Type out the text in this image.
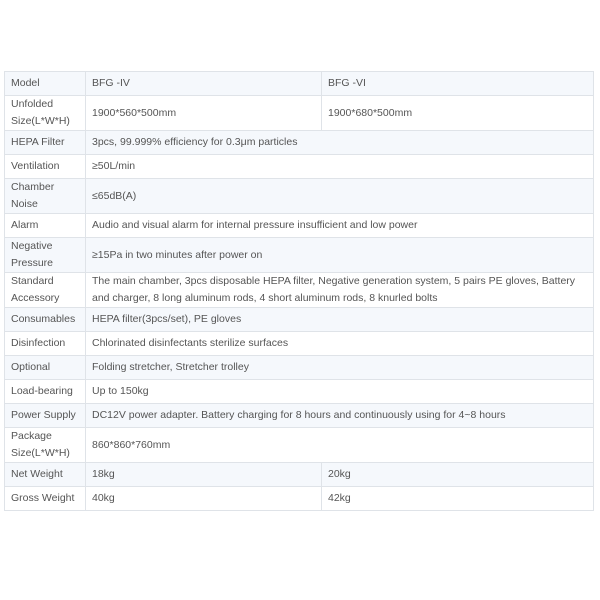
Model	BFG -IV	BFG -VI
Unfolded Size(L*W*H)	1900*560*500mm	1900*680*500mm
HEPA Filter	3pcs, 99.999% efficiency for 0.3μm particles	
Ventilation	≥50L/min	
Chamber Noise	≤65dB(A)	
Alarm	Audio and visual alarm for internal pressure insufficient and low power	
Negative Pressure	≥15Pa in two minutes after power on	
Standard Accessory	The main chamber, 3pcs disposable HEPA filter, Negative generation system, 5 pairs PE gloves, Battery and charger, 8 long aluminum rods, 4 short aluminum rods, 8 knurled bolts	
Consumables	HEPA filter(3pcs/set), PE gloves	
Disinfection	Chlorinated disinfectants sterilize surfaces	
Optional	Folding stretcher, Stretcher trolley	
Load-bearing	Up to 150kg	
Power Supply	DC12V power adapter. Battery charging for 8 hours and continuously using for 4~8 hours	
Package Size(L*W*H)	860*860*760mm	
Net Weight	18kg	20kg
Gross Weight	40kg	42kg
